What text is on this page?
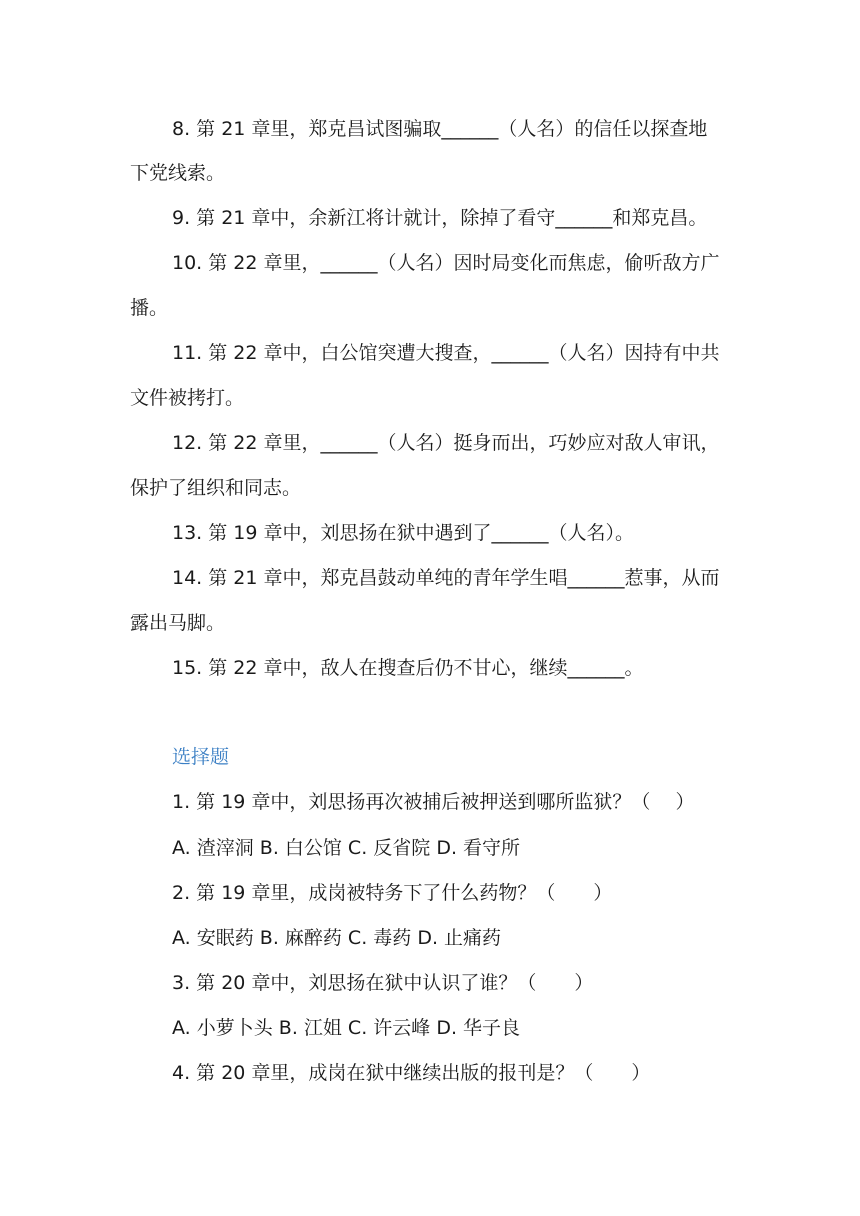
8. 第 21 章里，郑克昌试图骗取______（人名）的信任以探查地
下党线索。
9. 第 21 章中，余新江将计就计，除掉了看守______和郑克昌。
10. 第 22 章里，______（人名）因时局变化而焦虑，偷听敌方广
播。
11. 第 22 章中，白公馆突遭大搜查，______（人名）因持有中共
文件被拷打。
12. 第 22 章里，______（人名）挺身而出，巧妙应对敌人审讯，
保护了组织和同志。
13. 第 19 章中，刘思扬在狱中遇到了______（人名）。
14. 第 21 章中，郑克昌鼓动单纯的青年学生唱______惹事，从而
露出马脚。
15. 第 22 章中，敌人在搜查后仍不甘心，继续______。
选择题
1. 第 19 章中，刘思扬再次被捕后被押送到哪所监狱？（　 ）
A. 渣滓洞 B. 白公馆 C. 反省院 D. 看守所
2. 第 19 章里，成岗被特务下了什么药物？（　　）
A. 安眠药 B. 麻醉药 C. 毒药 D. 止痛药
3. 第 20 章中，刘思扬在狱中认识了谁？（　　）
A. 小萝卜头 B. 江姐 C. 许云峰 D. 华子良
4. 第 20 章里，成岗在狱中继续出版的报刊是？（　　）
